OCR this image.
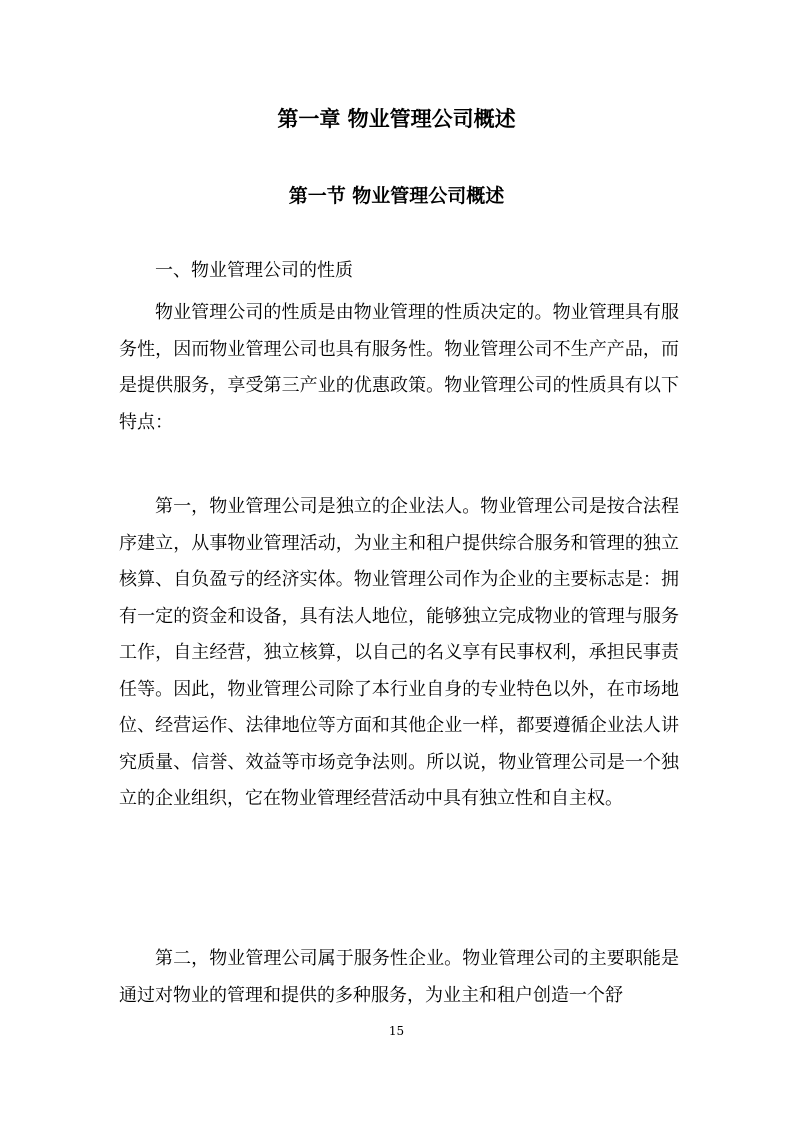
第一章 物业管理公司概述
第一节 物业管理公司概述

一、物业管理公司的性质

物业管理公司的性质是由物业管理的性质决定的。物业管理具有服务性，因而物业管理公司也具有服务性。物业管理公司不生产产品，而是提供服务，享受第三产业的优惠政策。物业管理公司的性质具有以下特点：

第一，物业管理公司是独立的企业法人。物业管理公司是按合法程序建立，从事物业管理活动，为业主和租户提供综合服务和管理的独立核算、自负盈亏的经济实体。物业管理公司作为企业的主要标志是：拥有一定的资金和设备，具有法人地位，能够独立完成物业的管理与服务工作，自主经营，独立核算，以自己的名义享有民事权利，承担民事责任等。因此，物业管理公司除了本行业自身的专业特色以外，在市场地位、经营运作、法律地位等方面和其他企业一样，都要遵循企业法人讲究质量、信誉、效益等市场竞争法则。所以说，物业管理公司是一个独立的企业组织，它在物业管理经营活动中具有独立性和自主权。

第二，物业管理公司属于服务性企业。物业管理公司的主要职能是通过对物业的管理和提供的多种服务，为业主和租户创造一个舒

15
